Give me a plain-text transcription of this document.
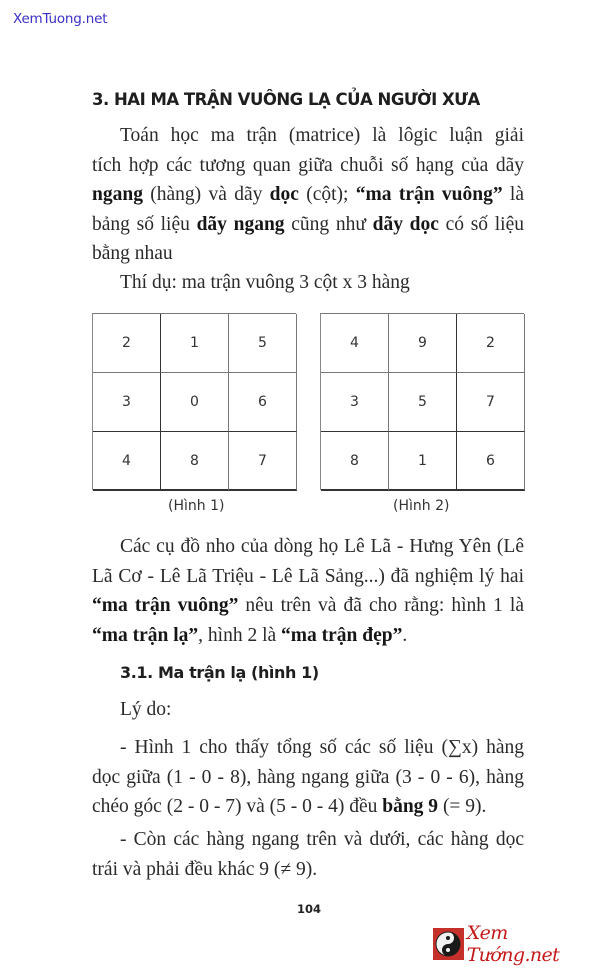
XemTuong.net
3. HAI MA TRẬN VUÔNG LẠ CỦA NGƯỜI XƯA
Toán học ma trận (matrice) là lôgic luận giải
tích hợp các tương quan giữa chuỗi số hạng của dãy
ngang (hàng) và dãy dọc (cột); “ma trận vuông” là
bảng số liệu dãy ngang cũng như dãy dọc có số liệu
bằng nhau
Thí dụ: ma trận vuông 3 cột x 3 hàng
2	1	5
3	0	6
4	8	7
4	9	2
3	5	7
8	1	6
(Hình 1)	(Hình 2)
Các cụ đồ nho của dòng họ Lê Lã - Hưng Yên (Lê
Lã Cơ - Lê Lã Triệu - Lê Lã Sảng...) đã nghiệm lý hai
“ma trận vuông” nêu trên và đã cho rằng: hình 1 là
“ma trận lạ”, hình 2 là “ma trận đẹp”.
3.1. Ma trận lạ (hình 1)
Lý do:
- Hình 1 cho thấy tổng số các số liệu (∑x) hàng
dọc giữa (1 - 0 - 8), hàng ngang giữa (3 - 0 - 6), hàng
chéo góc (2 - 0 - 7) và (5 - 0 - 4) đều bằng 9 (= 9).
- Còn các hàng ngang trên và dưới, các hàng dọc
trái và phải đều khác 9 (≠ 9).
104
Xem Tướng.net
